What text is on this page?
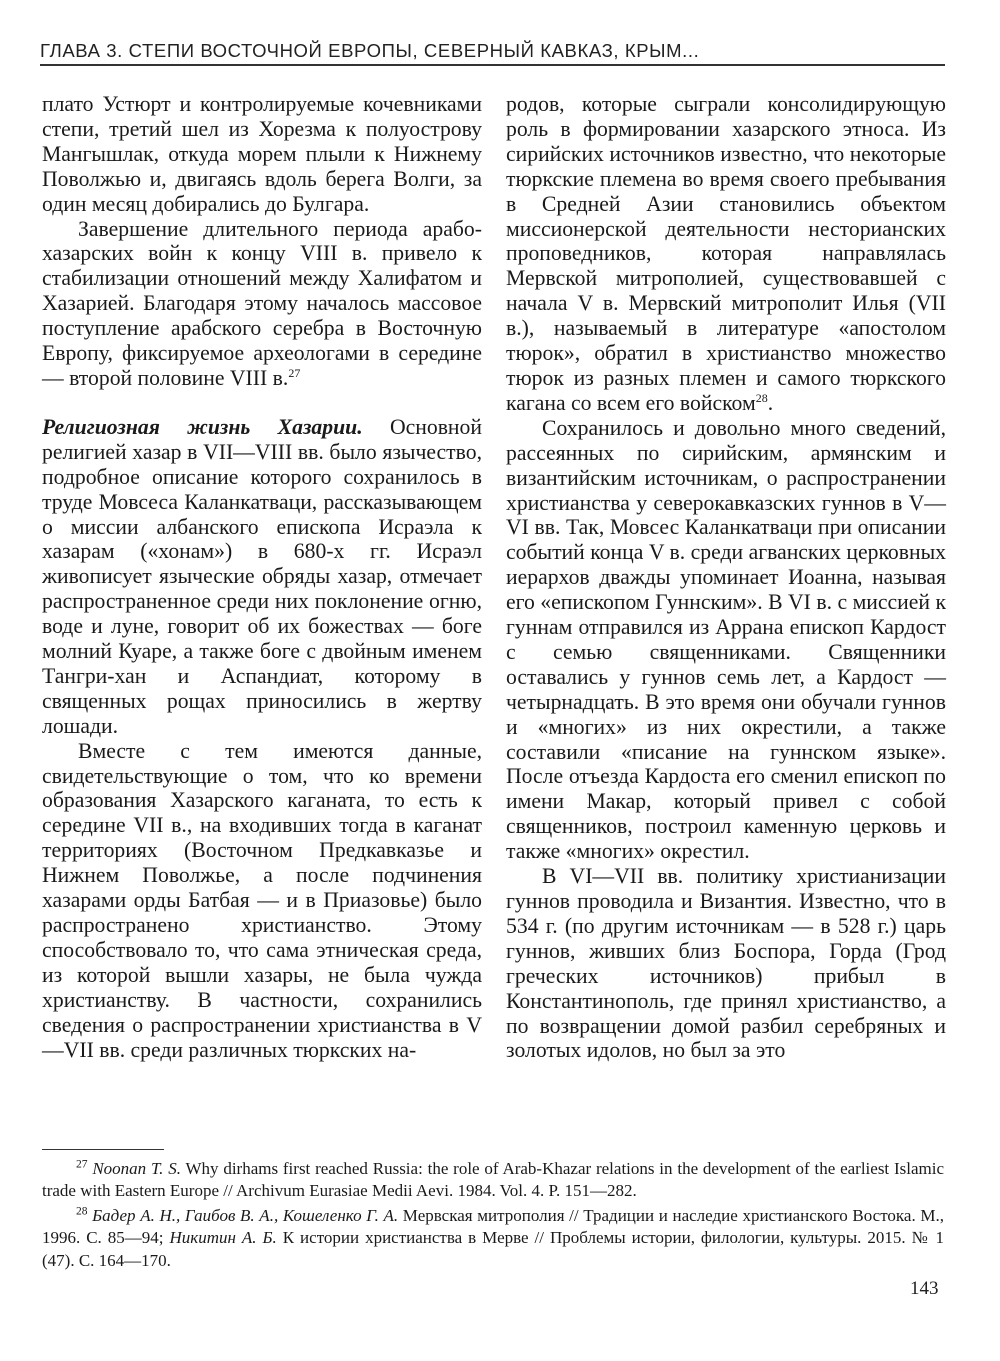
ГЛАВА 3. СТЕПИ ВОСТОЧНОЙ ЕВРОПЫ, СЕВЕРНЫЙ КАВКАЗ, КРЫМ...

плато Устюрт и контролируемые кочевниками степи, третий шел из Хорезма к полуострову Мангышлак, откуда морем плыли к Нижнему Поволжью и, двигаясь вдоль берега Волги, за один месяц добирались до Булгара.

Завершение длительного периода арабо-хазарских войн к концу VIII в. привело к стабилизации отношений между Халифатом и Хазарией. Благодаря этому началось массовое поступление арабского серебра в Восточную Европу, фиксируемое археологами в середине — второй половине VIII в.$^{27}$

Религиозная жизнь Хазарии. Основной религией хазар в VII—VIII вв. было язычество, подробное описание которого сохранилось в труде Мовсеса Каланкатваци, рассказывающем о миссии албанского епископа Исраэла к хазарам («хонам») в 680-х гг. Исраэл живописует языческие обряды хазар, отмечает распространенное среди них поклонение огню, воде и луне, говорит об их божествах — боге молний Куаре, а также боге с двойным именем Тангри-хан и Аспандиат, которому в священных рощах приносились в жертву лошади.

Вместе с тем имеются данные, свидетельствующие о том, что ко времени образования Хазарского каганата, то есть к середине VII в., на входивших тогда в каганат территориях (Восточном Предкавказье и Нижнем Поволжье, а после подчинения хазарами орды Батбая — и в Приазовье) было распространено христианство. Этому способствовало то, что сама этническая среда, из которой вышли хазары, не была чужда христианству. В частности, сохранились сведения о распространении христианства в V—VII вв. среди различных тюркских на-

родов, которые сыграли консолидирующую роль в формировании хазарского этноса. Из сирийских источников известно, что некоторые тюркские племена во время своего пребывания в Средней Азии становились объектом миссионерской деятельности несторианских проповедников, которая направлялась Мервской митрополией, существовавшей с начала V в. Мервский митрополит Илья (VII в.), называемый в литературе «апостолом тюрок», обратил в христианство множество тюрок из разных племен и самого тюркского кагана со всем его войском$^{28}$.

Сохранилось и довольно много сведений, рассеянных по сирийским, армянским и византийским источникам, о распространении христианства у северокавказских гуннов в V—VI вв. Так, Мовсес Каланкатваци при описании событий конца V в. среди агванских церковных иерархов дважды упоминает Иоанна, называя его «епископом Гуннским». В VI в. с миссией к гуннам отправился из Аррана епископ Кардост с семью священниками. Священники оставались у гуннов семь лет, а Кардост — четырнадцать. В это время они обучали гуннов и «многих» из них окрестили, а также составили «писание на гуннском языке». После отъезда Кардоста его сменил епископ по имени Макар, который привел с собой священников, построил каменную церковь и также «многих» окрестил.

В VI—VII вв. политику христианизации гуннов проводила и Византия. Известно, что в 534 г. (по другим источникам — в 528 г.) царь гуннов, живших близ Боспора, Горда (Грод греческих источников) прибыл в Константинополь, где принял христианство, а по возвращении домой разбил серебряных и золотых идолов, но был за это

$^{27}$ Noonan T. S. Why dirhams first reached Russia: the role of Arab-Khazar relations in the development of the earliest Islamic trade with Eastern Europe // Archivum Eurasiae Medii Aevi. 1984. Vol. 4. P. 151—282.

$^{28}$ Бадер А. Н., Гаибов В. А., Кошеленко Г. А. Мервская митрополия // Традиции и наследие христианского Востока. М., 1996. С. 85—94; Никитин А. Б. К истории христианства в Мерве // Проблемы истории, филологии, культуры. 2015. № 1 (47). С. 164—170.

143
